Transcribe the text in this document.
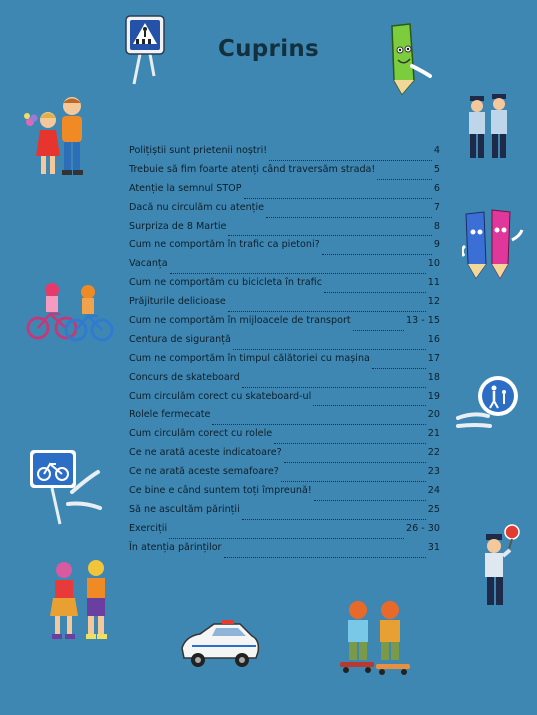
Cuprins
Polițiștii sunt prietenii noștri!	4
Trebuie să fim foarte atenți când traversăm strada!	5
Atenție la semnul STOP	6
Dacă nu circulăm cu atenție	7
Surpriza de 8 Martie	8
Cum ne comportăm în trafic ca pietoni?	9
Vacanța	10
Cum ne comportăm cu bicicleta în trafic	11
Prăjiturile delicioase	12
Cum ne comportăm în mijloacele de transport	13 - 15
Centura de siguranță	16
Cum ne comportăm în timpul călătoriei cu mașina	17
Concurs de skateboard	18
Cum circulăm corect cu skateboard-ul	19
Rolele fermecate	20
Cum circulăm corect cu rolele	21
Ce ne arată aceste indicatoare?	22
Ce ne arată aceste semafoare?	23
Ce bine e când suntem toți împreună!	24
Să ne ascultăm părinții	25
Exerciții	26 - 30
În atenția părinților	31
